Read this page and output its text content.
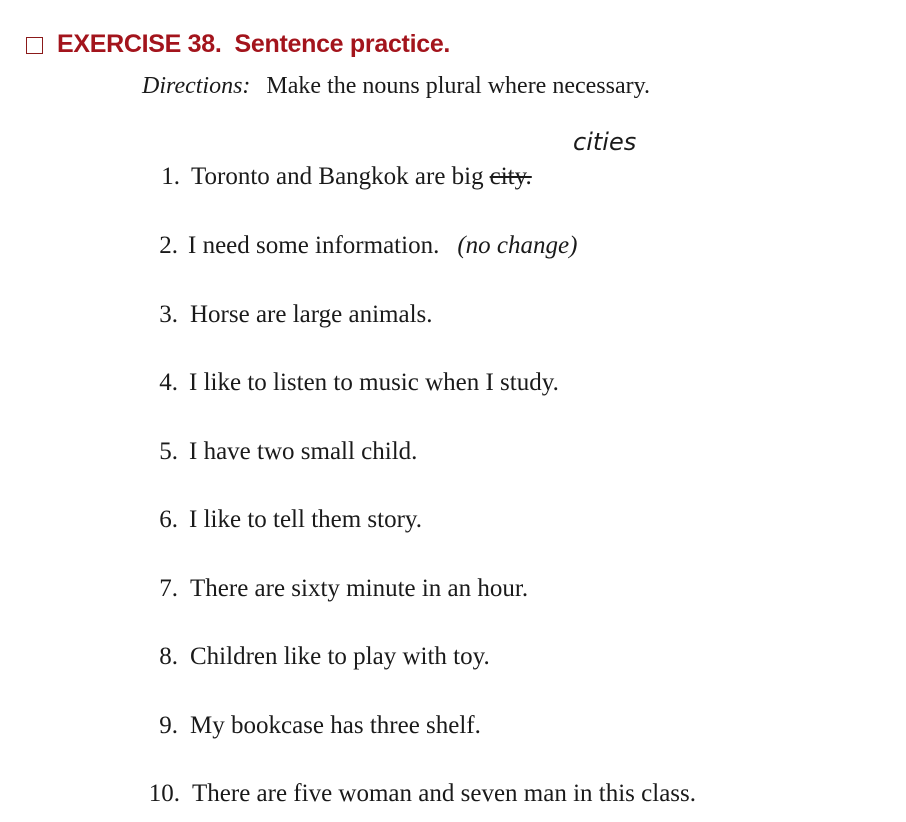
EXERCISE 38. Sentence practice.
Directions: Make the nouns plural where necessary.
cities
1. Toronto and Bangkok are big city.
2. I need some information. (no change)
3. Horse are large animals.
4. I like to listen to music when I study.
5. I have two small child.
6. I like to tell them story.
7. There are sixty minute in an hour.
8. Children like to play with toy.
9. My bookcase has three shelf.
10. There are five woman and seven man in this class.
